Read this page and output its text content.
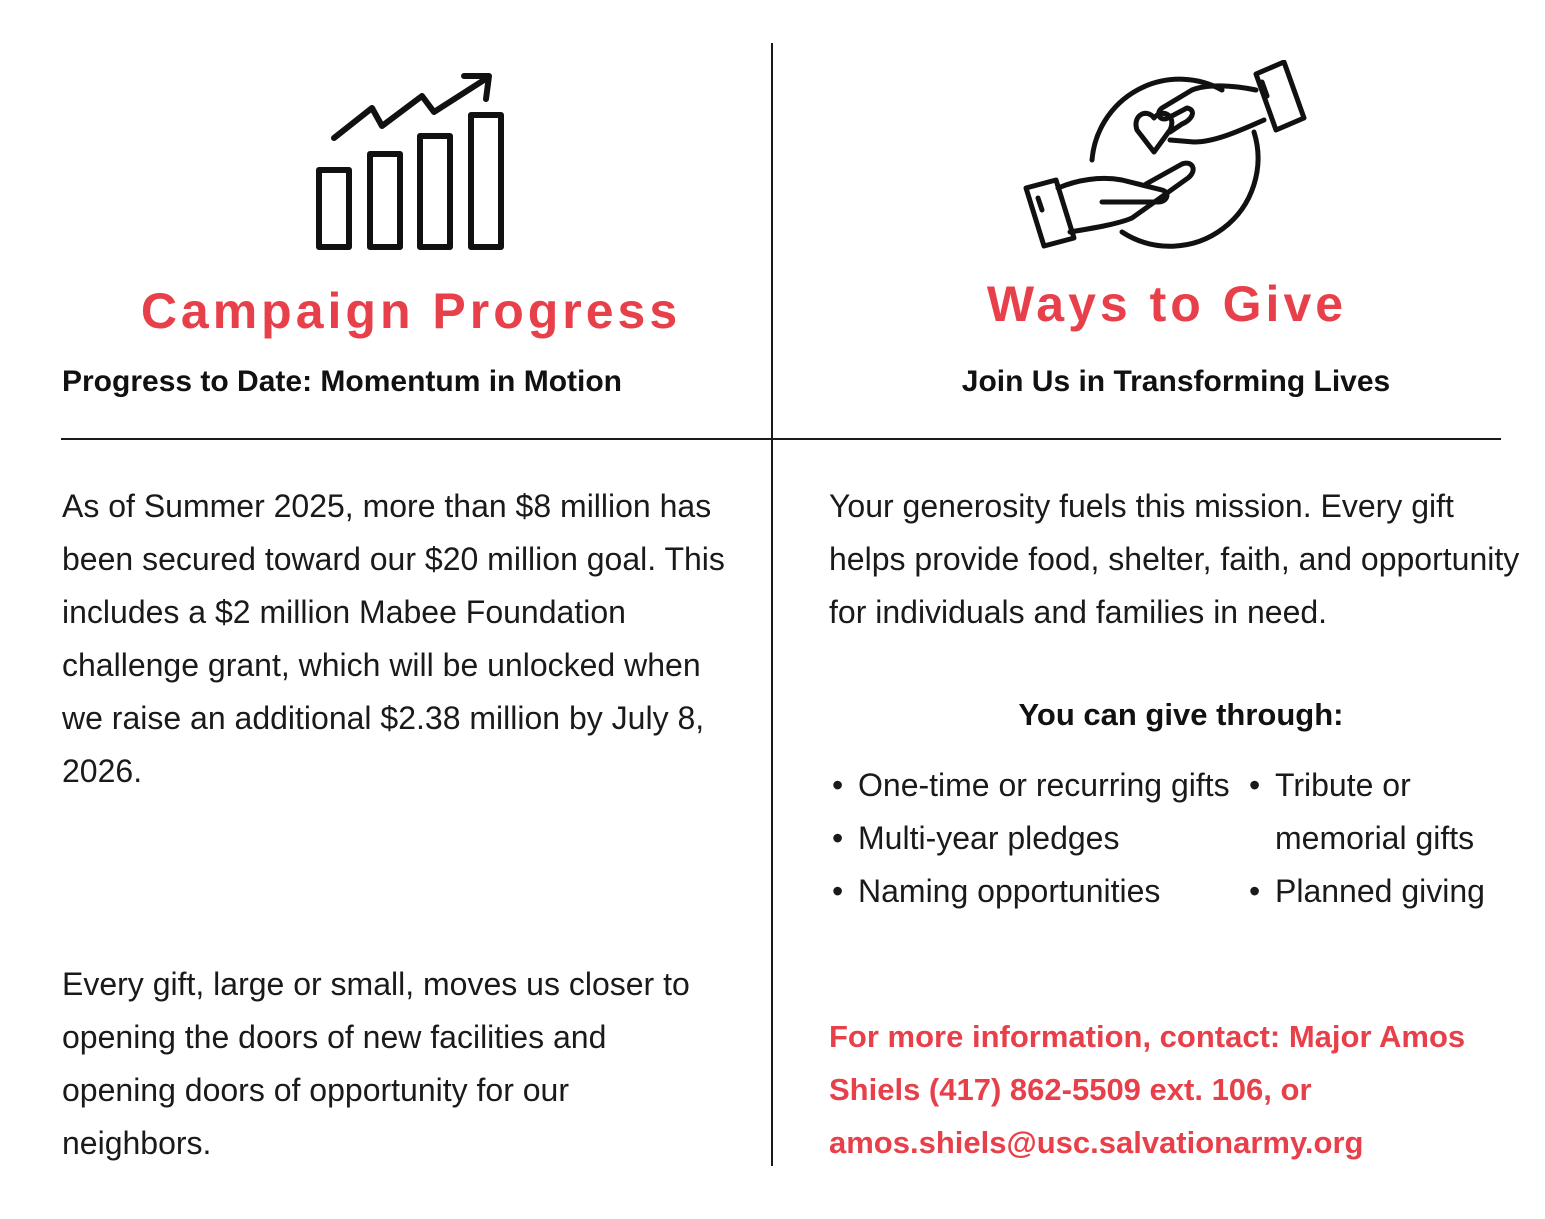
Campaign Progress
Progress to Date: Momentum in Motion

As of Summer 2025, more than $8 million has been secured toward our $20 million goal. This includes a $2 million Mabee Foundation challenge grant, which will be unlocked when we raise an additional $2.38 million by July 8, 2026.

Every gift, large or small, moves us closer to opening the doors of new facilities and opening doors of opportunity for our neighbors.

Ways to Give
Join Us in Transforming Lives

Your generosity fuels this mission. Every gift helps provide food, shelter, faith, and opportunity for individuals and families in need.

You can give through:
• One-time or recurring gifts
• Multi-year pledges
• Naming opportunities
• Tribute or memorial gifts
• Planned giving

For more information, contact: Major Amos Shiels (417) 862-5509 ext. 106, or amos.shiels@usc.salvationarmy.org
